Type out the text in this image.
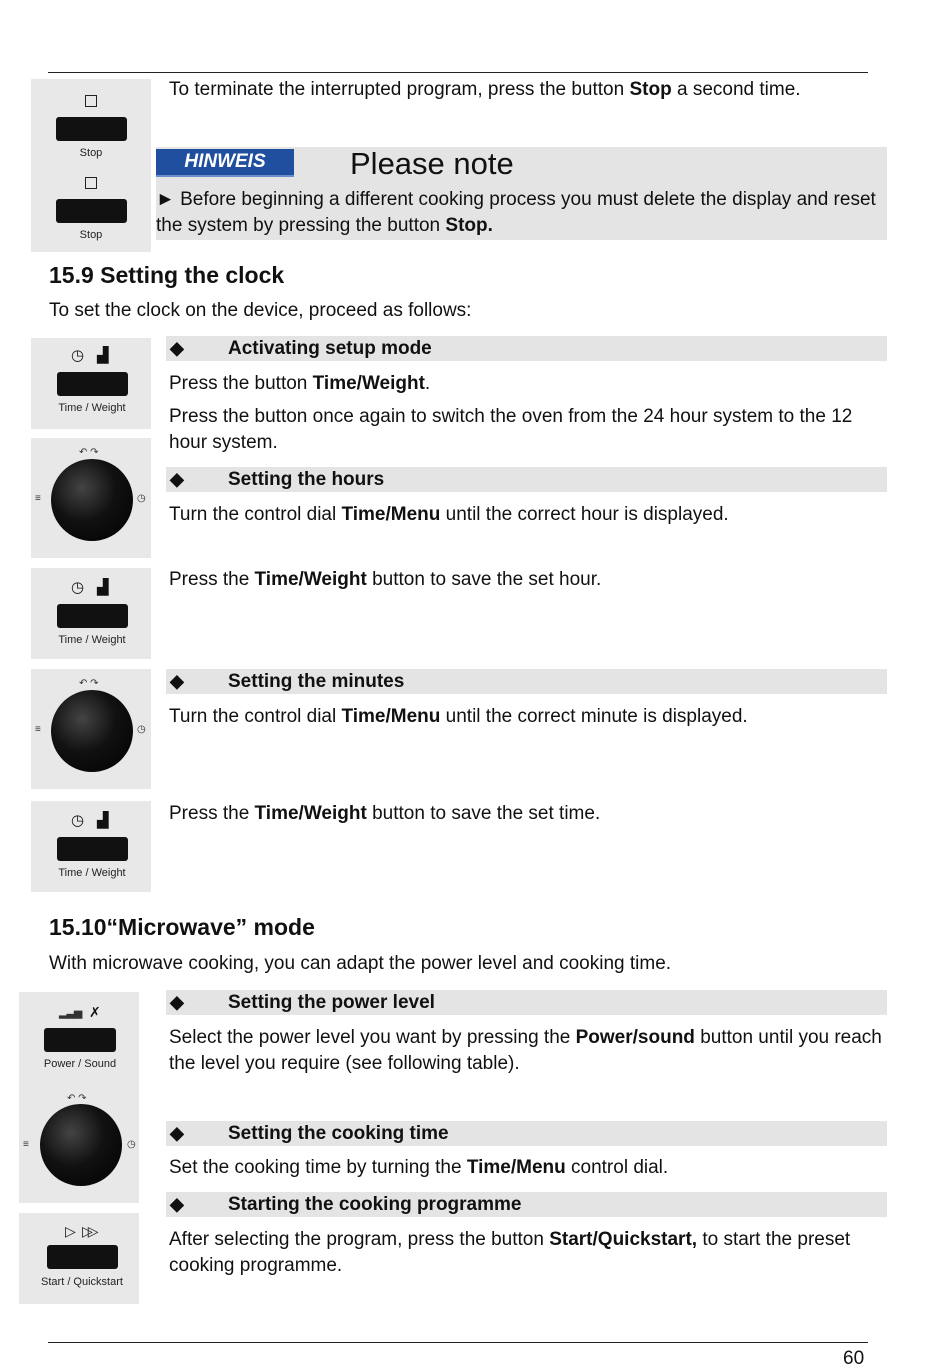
Stop
Stop
To terminate the interrupted program, press the button Stop a second time.
HINWEIS	Please note
► Before beginning a different cooking process you must delete the display and reset the system by pressing the button Stop.
15.9 Setting the clock
To set the clock on the device, proceed as follows:
◷ ▟
Time / Weight
↶ ↷
≡	◷
◆ Activating setup mode
Press the button Time/Weight.
Press the button once again to switch the oven from the 24 hour system to the 12 hour system.
◆ Setting the hours
Turn the control dial Time/Menu until the correct hour is displayed.
◷ ▟
Time / Weight
Press the Time/Weight button to save the set hour.
↶ ↷
≡	◷
◆ Setting the minutes
Turn the control dial Time/Menu until the correct minute is displayed.
◷ ▟
Time / Weight
Press the Time/Weight button to save the set time.
15.10“Microwave” mode
With microwave cooking, you can adapt the power level and cooking time.
▂▃▅ ✗
Power / Sound
↶ ↷
≡	◷
◆ Setting the power level
Select the power level you want by pressing the Power/sound button until you reach the level you require (see following table).
◆ Setting the cooking time
Set the cooking time by turning the Time/Menu control dial.
◆ Starting the cooking programme
After selecting the program, press the button Start/Quickstart, to start the preset cooking programme.
▷ ▷▷
Start / Quickstart
60
